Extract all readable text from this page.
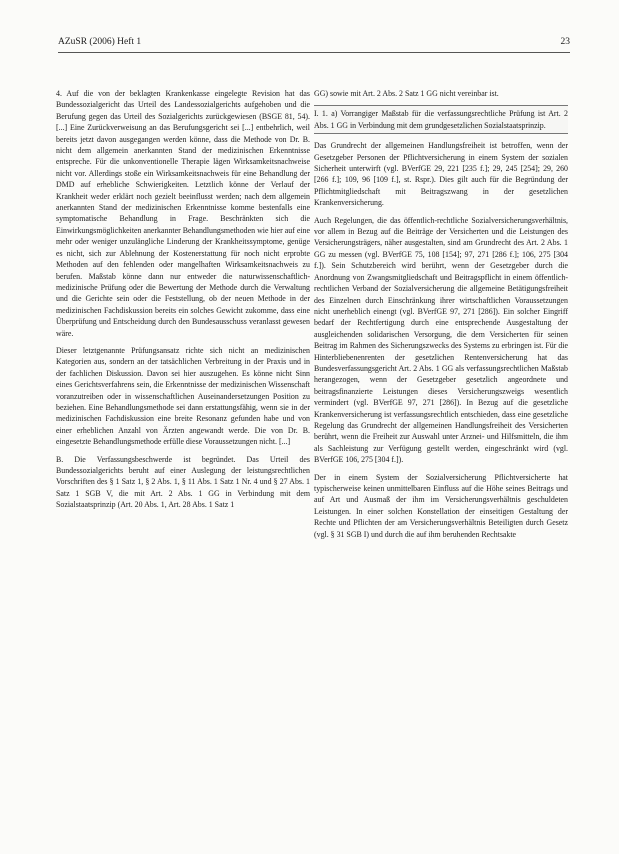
AZuSR (2006) Heft 1	23

4. Auf die von der beklagten Krankenkasse eingelegte Revision hat das Bundessozialgericht das Urteil des Landessozialgerichts aufgehoben und die Berufung gegen das Urteil des Sozialgerichts zurückgewiesen (BSGE 81, 54). [...] Eine Zurückverweisung an das Berufungsgericht sei [...] entbehrlich, weil bereits jetzt davon ausgegangen werden könne, dass die Methode von Dr. B. nicht dem allgemein anerkannten Stand der medizinischen Erkenntnisse entspreche. Für die unkonventionelle Therapie lägen Wirksamkeitsnachweise nicht vor. Allerdings stoße ein Wirksamkeitsnachweis für eine Behandlung der DMD auf erhebliche Schwierigkeiten. Letztlich könne der Verlauf der Krankheit weder erklärt noch gezielt beeinflusst werden; nach dem allgemein anerkannten Stand der medizinischen Erkenntnisse komme bestenfalls eine symptomatische Behandlung in Frage. Beschränkten sich die Einwirkungsmöglichkeiten anerkannter Behandlungsmethoden wie hier auf eine mehr oder weniger unzulängliche Linderung der Krankheitssymptome, genüge es nicht, sich zur Ablehnung der Kostenerstattung für noch nicht erprobte Methoden auf den fehlenden oder mangelhaften Wirksamkeitsnachweis zu berufen. Maßstab könne dann nur entweder die naturwissenschaftlich-medizinische Prüfung oder die Bewertung der Methode durch die Verwaltung und die Gerichte sein oder die Feststellung, ob der neuen Methode in der medizinischen Fachdiskussion bereits ein solches Gewicht zukomme, dass eine Überprüfung und Entscheidung durch den Bundesausschuss veranlasst gewesen wäre.

Dieser letztgenannte Prüfungsansatz richte sich nicht an medizinischen Kategorien aus, sondern an der tatsächlichen Verbreitung in der Praxis und in der fachlichen Diskussion. Davon sei hier auszugehen. Es könne nicht Sinn eines Gerichtsverfahrens sein, die Erkenntnisse der medizinischen Wissenschaft voranzutreiben oder in wissenschaftlichen Auseinandersetzungen Position zu beziehen. Eine Behandlungsmethode sei dann erstattungsfähig, wenn sie in der medizinischen Fachdiskussion eine breite Resonanz gefunden habe und von einer erheblichen Anzahl von Ärzten angewandt werde. Die von Dr. B. eingesetzte Behandlungsmethode erfülle diese Voraussetzungen nicht. [...]

B. Die Verfassungsbeschwerde ist begründet. Das Urteil des Bundessozialgerichts beruht auf einer Auslegung der leistungsrechtlichen Vorschriften des § 1 Satz 1, § 2 Abs. 1, § 11 Abs. 1 Satz 1 Nr. 4 und § 27 Abs. 1 Satz 1 SGB V, die mit Art. 2 Abs. 1 GG in Verbindung mit dem Sozialstaatsprinzip (Art. 20 Abs. 1, Art. 28 Abs. 1 Satz 1

GG) sowie mit Art. 2 Abs. 2 Satz 1 GG nicht vereinbar ist.

I. 1. a) Vorrangiger Maßstab für die verfassungsrechtliche Prüfung ist Art. 2 Abs. 1 GG in Verbindung mit dem grundgesetzlichen Sozialstaatsprinzip.

Das Grundrecht der allgemeinen Handlungsfreiheit ist betroffen, wenn der Gesetzgeber Personen der Pflichtversicherung in einem System der sozialen Sicherheit unterwirft (vgl. BVerfGE 29, 221 [235 f.]; 29, 245 [254]; 29, 260 [266 f.]; 109, 96 [109 f.], st. Rspr.). Dies gilt auch für die Begründung der Pflichtmitgliedschaft mit Beitragszwang in der gesetzlichen Krankenversicherung.

Auch Regelungen, die das öffentlich-rechtliche Sozialversicherungsverhältnis, vor allem in Bezug auf die Beiträge der Versicherten und die Leistungen des Versicherungsträgers, näher ausgestalten, sind am Grundrecht des Art. 2 Abs. 1 GG zu messen (vgl. BVerfGE 75, 108 [154]; 97, 271 [286 f.]; 106, 275 [304 f.]). Sein Schutzbereich wird berührt, wenn der Gesetzgeber durch die Anordnung von Zwangsmitgliedschaft und Beitragspflicht in einem öffentlich-rechtlichen Verband der Sozialversicherung die allgemeine Betätigungsfreiheit des Einzelnen durch Einschränkung ihrer wirtschaftlichen Voraussetzungen nicht unerheblich einengt (vgl. BVerfGE 97, 271 [286]). Ein solcher Eingriff bedarf der Rechtfertigung durch eine entsprechende Ausgestaltung der ausgleichenden solidarischen Versorgung, die dem Versicherten für seinen Beitrag im Rahmen des Sicherungszwecks des Systems zu erbringen ist. Für die Hinterbliebenenrenten der gesetzlichen Rentenversicherung hat das Bundesverfassungsgericht Art. 2 Abs. 1 GG als verfassungsrechtlichen Maßstab herangezogen, wenn der Gesetzgeber gesetzlich angeordnete und beitragsfinanzierte Leistungen dieses Versicherungszweigs wesentlich vermindert (vgl. BVerfGE 97, 271 [286]). In Bezug auf die gesetzliche Krankenversicherung ist verfassungsrechtlich entschieden, dass eine gesetzliche Regelung das Grundrecht der allgemeinen Handlungsfreiheit des Versicherten berührt, wenn die Freiheit zur Auswahl unter Arznei- und Hilfsmitteln, die ihm als Sachleistung zur Verfügung gestellt werden, eingeschränkt wird (vgl. BVerfGE 106, 275 [304 f.]).

Der in einem System der Sozialversicherung Pflichtversicherte hat typischerweise keinen unmittelbaren Einfluss auf die Höhe seines Beitrags und auf Art und Ausmaß der ihm im Versicherungsverhältnis geschuldeten Leistungen. In einer solchen Konstellation der einseitigen Gestaltung der Rechte und Pflichten der am Versicherungsverhältnis Beteiligten durch Gesetz (vgl. § 31 SGB I) und durch die auf ihm beruhenden Rechtsakte
